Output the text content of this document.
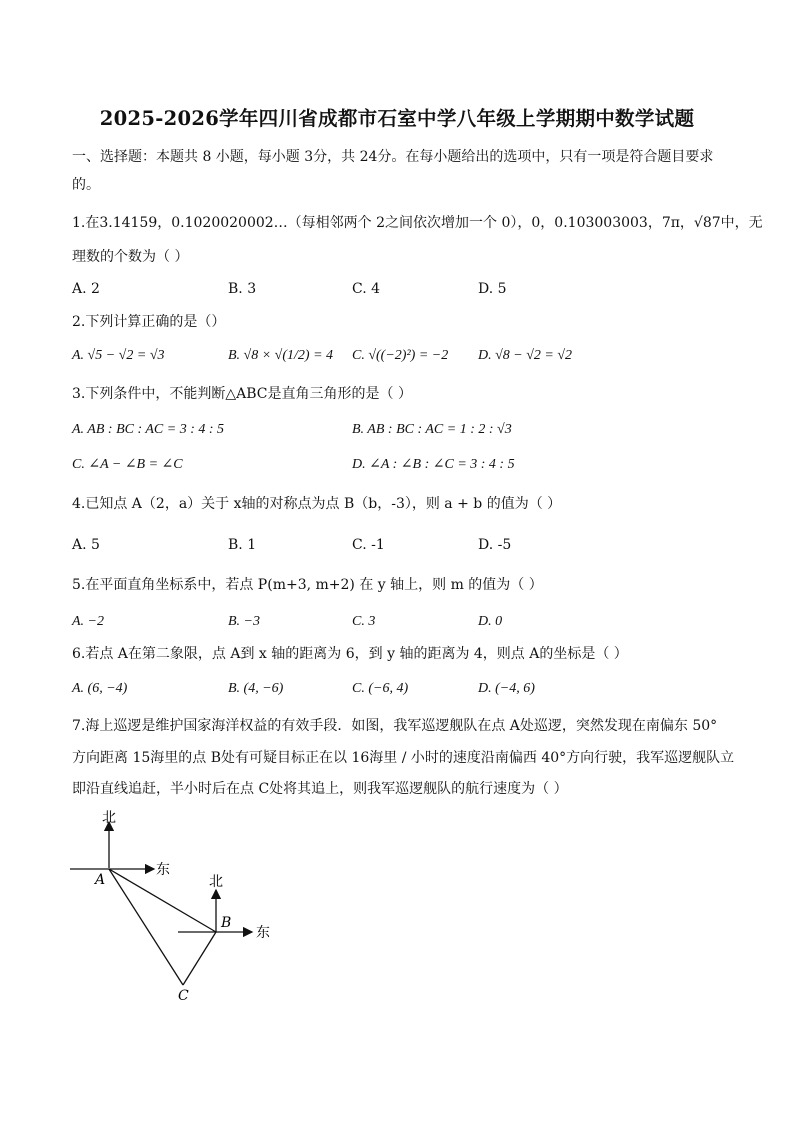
2025-2026学年四川省成都市石室中学八年级上学期期中数学试题
一、选择题：本题共 8 小题，每小题 3分，共 24分。在每小题给出的选项中，只有一项是符合题目要求
的。
1.在3.14159，0.1020020002…（每相邻两个 2之间依次增加一个 0），0，0.103003003，7π，√87中，无
理数的个数为（ ）
A. 2	B. 3	C. 4	D. 5
2.下列计算正确的是（）
A. √5 − √2 = √3	B. √8 × √(1/2) = 4 C. √((−2)²) = −2 D. √8 − √2 = √2
3.下列条件中，不能判断△ABC是直角三角形的是（ ）
A. AB : BC : AC = 3 : 4 : 5	B. AB : BC : AC = 1 : 2 : √3
C. ∠A − ∠B = ∠C	D. ∠A : ∠B : ∠C = 3 : 4 : 5
4.已知点 A（2，a）关于 x轴的对称点为点 B（b，-3），则 a + b 的值为（ ）
A. 5	B. 1	C. -1	D. -5
5.在平面直角坐标系中，若点 P(m+3, m+2) 在 y 轴上，则 m 的值为（ ）
A. −2	B. −3	C. 3	D. 0
6.若点 A在第二象限，点 A到 x 轴的距离为 6，到 y 轴的距离为 4，则点 A的坐标是（ ）
A. (6, −4)	B. (4, −6)	C. (−6, 4)	D. (−4, 6)
7.海上巡逻是维护国家海洋权益的有效手段．如图，我军巡逻舰队在点 A处巡逻，突然发现在南偏东 50°
方向距离 15海里的点 B处有可疑目标正在以 16海里 / 小时的速度沿南偏西 40°方向行驶，我军巡逻舰队立
即沿直线追赶，半小时后在点 C处将其追上，则我军巡逻舰队的航行速度为（ ）
北
东
A	北
东
B
C
